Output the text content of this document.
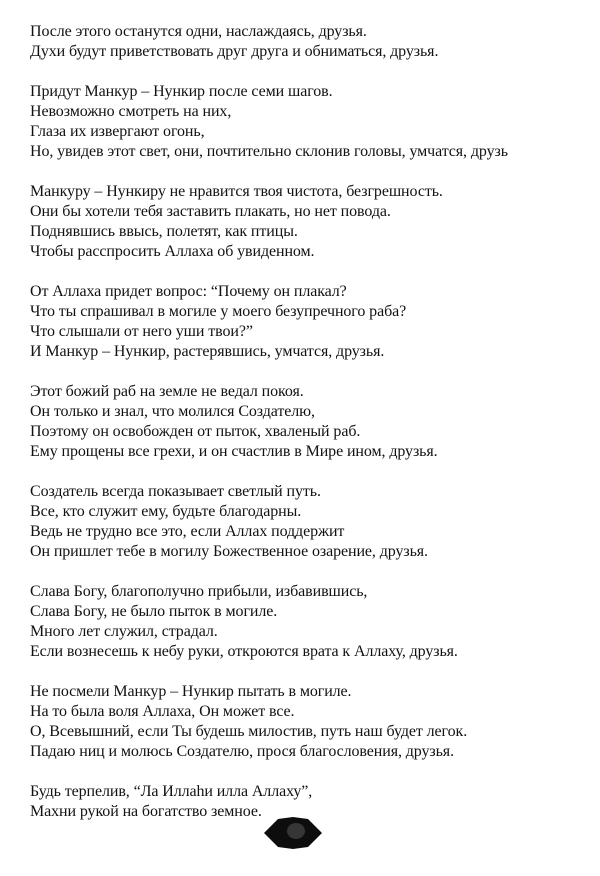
После этого останутся одни, наслаждаясь, друзья.
Духи будут приветствовать друг друга и обниматься, друзья.
Придут Манкур – Нункир после семи шагов.
Невозможно смотреть на них,
Глаза их извергают огонь,
Но, увидев этот свет, они, почтительно склонив головы, умчатся, друзь
Манкуру – Нункиру не нравится твоя чистота, безгрешность.
Они бы хотели тебя заставить плакать, но нет повода.
Поднявшись ввысь, полетят, как птицы.
Чтобы расспросить Аллаха об увиденном.
От Аллаха придет вопрос: “Почему он плакал?
Что ты спрашивал в могиле у моего безупречного раба?
Что слышали от него уши твои?”
И Манкур – Нункир, растерявшись, умчатся, друзья.
Этот божий раб на земле не ведал покоя.
Он только и знал, что молился Создателю,
Поэтому он освобожден от пыток, хваленый раб.
Ему прощены все грехи, и он счастлив в Мире ином, друзья.
Создатель всегда показывает светлый путь.
Все, кто служит ему, будьте благодарны.
Ведь не трудно все это, если Аллах поддержит
Он пришлет тебе в могилу Божественное озарение, друзья.
Слава Богу, благополучно прибыли, избавившись,
Слава Богу, не было пыток в могиле.
Много лет служил, страдал.
Если вознесешь к небу руки, откроются врата к Аллаху, друзья.
Не посмели Манкур – Нункир пытать в могиле.
На то была воля Аллаха, Он может все.
О, Всевышний, если Ты будешь милостив, путь наш будет легок.
Падаю ниц и молюсь Создателю, прося благословения, друзья.
Будь терпелив, “Ла Иллаhи илла Аллаху”,
Махни рукой на богатство земное.
